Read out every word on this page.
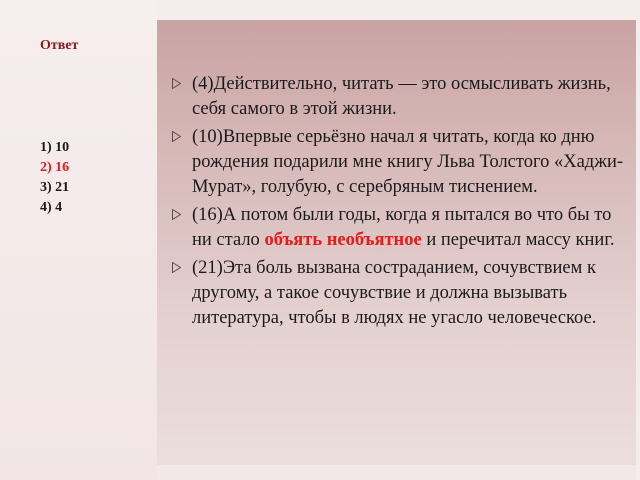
Ответ
1) 10
2) 16
3) 21
4) 4
(4)Действительно, читать — это осмысливать жизнь, себя самого в этой жизни.
(10)Впервые серьёзно начал я читать, когда ко дню рождения подарили мне книгу Льва Толстого «Хаджи-Мурат», голубую, с серебряным тиснением.
(16)А потом были годы, когда я пытался во что бы то ни стало объять необъятное и перечитал массу книг.
(21)Эта боль вызвана состраданием, сочувствием к другому, а такое сочувствие и должна вызывать литература, чтобы в людях не угасло человеческое.
